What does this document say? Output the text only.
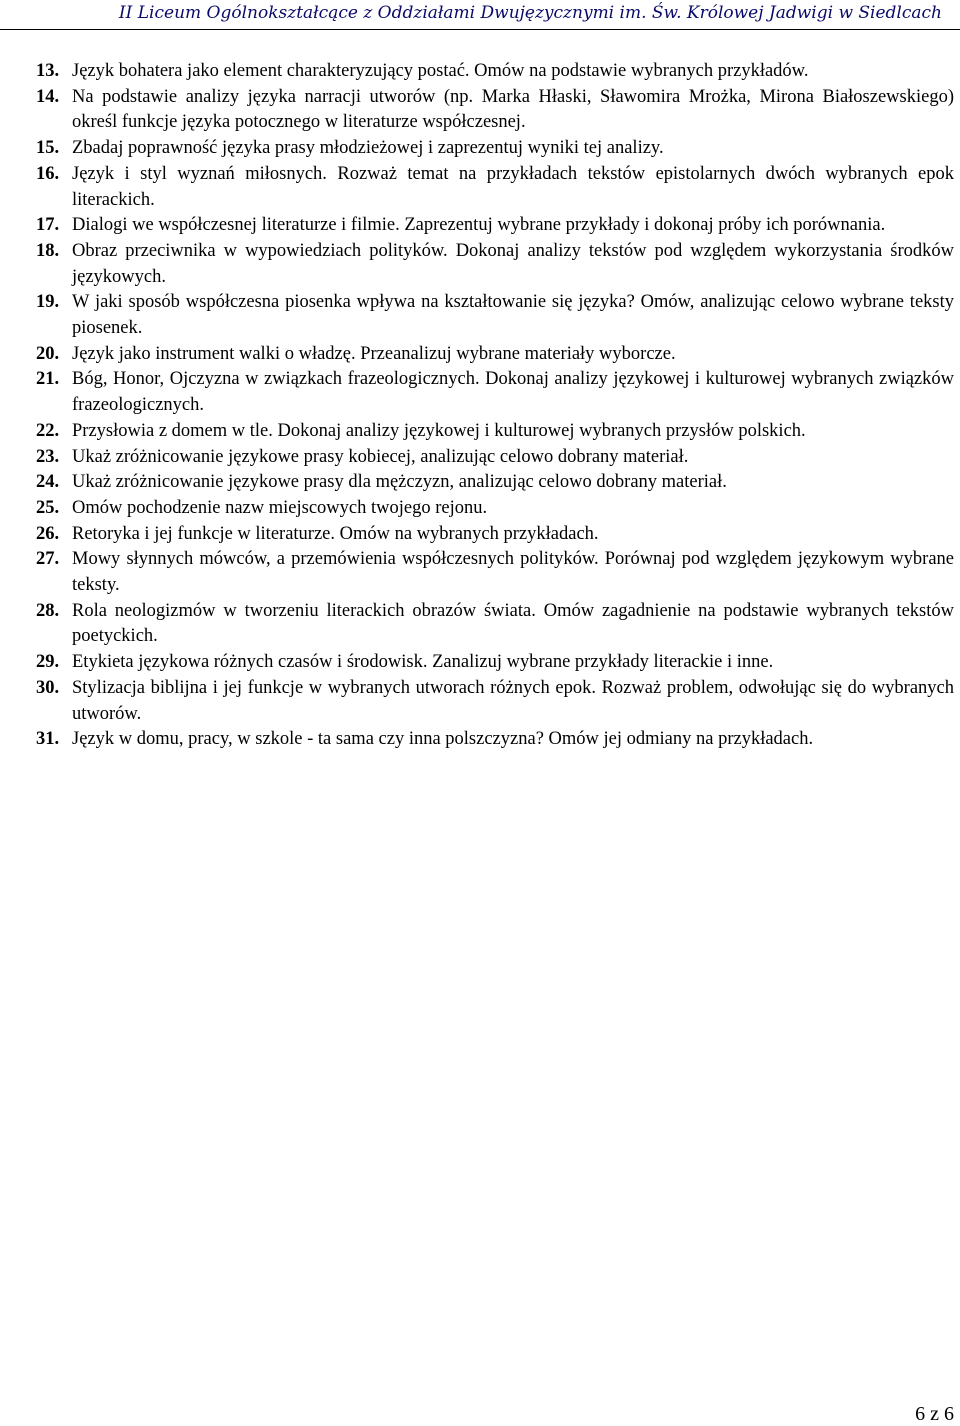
II Liceum Ogólnokształcące z Oddziałami Dwujęzycznymi im. Św. Królowej Jadwigi w Siedlcach
13. Język bohatera jako element charakteryzujący postać. Omów na podstawie wybranych przykładów.
14. Na podstawie analizy języka narracji utworów (np. Marka Hłaski, Sławomira Mrożka, Mirona Białoszewskiego) określ funkcje języka potocznego w literaturze współczesnej.
15. Zbadaj poprawność języka prasy młodzieżowej i zaprezentuj wyniki tej analizy.
16. Język i styl wyznań miłosnych. Rozważ temat na przykładach tekstów epistolarnych dwóch wybranych epok literackich.
17. Dialogi we współczesnej literaturze i filmie. Zaprezentuj wybrane przykłady i dokonaj próby ich porównania.
18. Obraz przeciwnika w wypowiedziach polityków. Dokonaj analizy tekstów pod względem wykorzystania środków językowych.
19. W jaki sposób współczesna piosenka wpływa na kształtowanie się języka? Omów, analizując celowo wybrane teksty piosenek.
20. Język jako instrument walki o władzę. Przeanalizuj wybrane materiały wyborcze.
21. Bóg, Honor, Ojczyzna w związkach frazeologicznych. Dokonaj analizy językowej i kulturowej wybranych związków frazeologicznych.
22. Przysłowia z domem w tle. Dokonaj analizy językowej i kulturowej wybranych przysłów polskich.
23. Ukaż zróżnicowanie językowe prasy kobiecej, analizując celowo dobrany materiał.
24. Ukaż zróżnicowanie językowe prasy dla mężczyzn, analizując celowo dobrany materiał.
25. Omów pochodzenie nazw miejscowych twojego rejonu.
26. Retoryka i jej funkcje w literaturze. Omów na wybranych przykładach.
27. Mowy słynnych mówców, a przemówienia współczesnych polityków. Porównaj pod względem językowym wybrane teksty.
28. Rola neologizmów w tworzeniu literackich obrazów świata. Omów zagadnienie na podstawie wybranych tekstów poetyckich.
29. Etykieta językowa różnych czasów i środowisk. Zanalizuj wybrane przykłady literackie i inne.
30. Stylizacja biblijna i jej funkcje w wybranych utworach różnych epok. Rozważ problem, odwołując się do wybranych utworów.
31. Język w domu, pracy, w szkole - ta sama czy inna polszczyzna? Omów jej odmiany na przykładach.
6 z 6
